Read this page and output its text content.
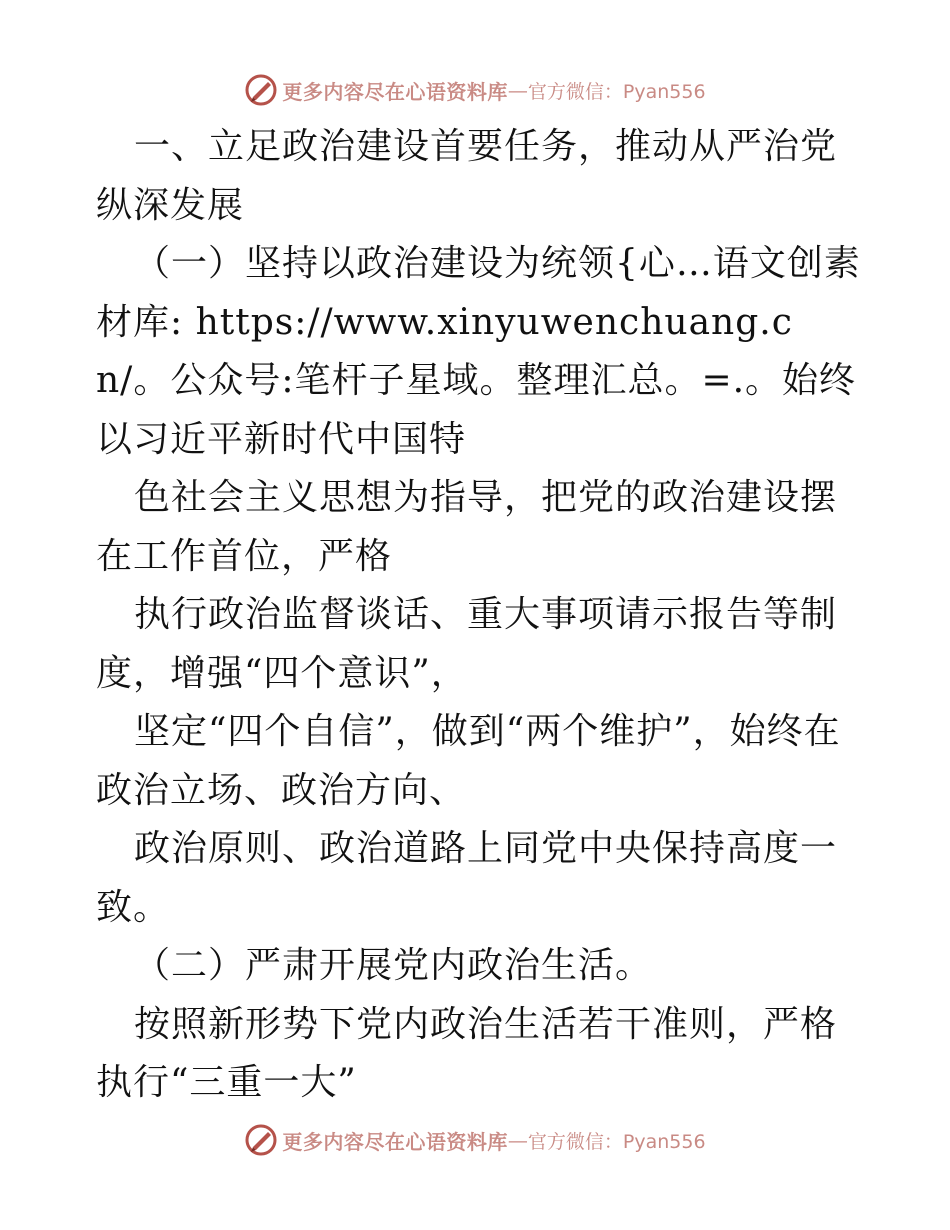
更多内容尽在心语资料库 — 官方微信：Pyan556

一、立足政治建设首要任务，推动从严治党纵深发展

（一）坚持以政治建设为统领{心…语文创素材库: https://www.xinyuwenchuang.cn/。公众号:笔杆子星域。整理汇总。=.。始终以习近平新时代中国特

色社会主义思想为指导，把党的政治建设摆在工作首位，严格

执行政治监督谈话、重大事项请示报告等制度，增强“四个意识”，

坚定“四个自信”，做到“两个维护”，始终在政治立场、政治方向、

政治原则、政治道路上同党中央保持高度一致。

（二）严肃开展党内政治生活。

按照新形势下党内政治生活若干准则，严格执行“三重一大”

更多内容尽在心语资料库 — 官方微信：Pyan556
